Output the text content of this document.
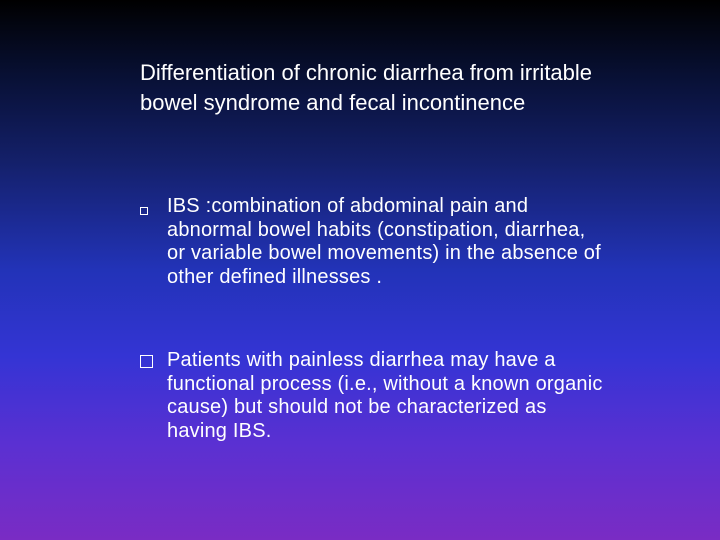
Differentiation of chronic diarrhea from irritable
bowel syndrome and fecal incontinence
IBS :combination of abdominal pain and
abnormal bowel habits (constipation, diarrhea,
or variable bowel movements) in the absence of
other defined illnesses .
Patients with painless diarrhea may have a
functional process (i.e., without a known organic
cause) but should not be characterized as
having IBS.
